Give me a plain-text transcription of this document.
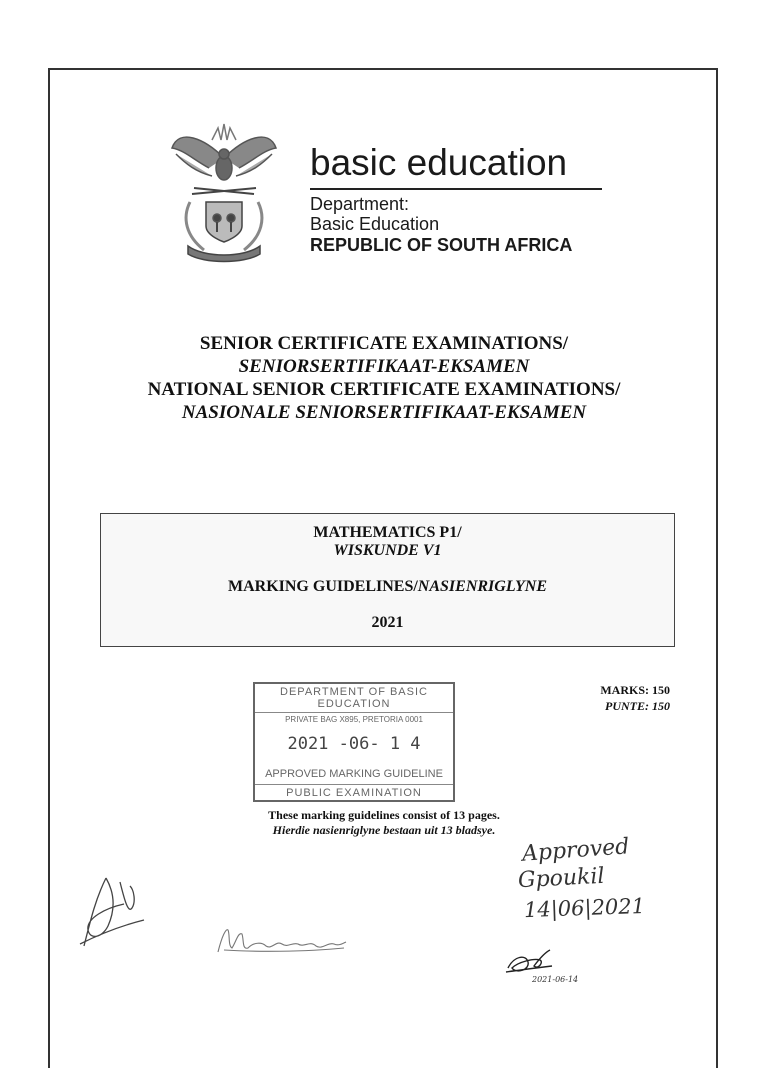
basic education
Department:
Basic Education
REPUBLIC OF SOUTH AFRICA
SENIOR CERTIFICATE EXAMINATIONS/
SENIORSERTIFIKAAT-EKSAMEN
NATIONAL SENIOR CERTIFICATE EXAMINATIONS/
NASIONALE SENIORSERTIFIKAAT-EKSAMEN
MATHEMATICS P1/
WISKUNDE V1
MARKING GUIDELINES/NASIENRIGLYNE
2021
MARKS: 150
PUNTE: 150
DEPARTMENT OF BASIC
EDUCATION
PRIVATE BAG X895, PRETORIA 0001
2021 -06- 1 4
APPROVED MARKING GUIDELINE
PUBLIC EXAMINATION
These marking guidelines consist of 13 pages.
Hierdie nasienriglyne bestaan uit 13 bladsye.
Approved
Gpoukil
14|06|2021
2021-06-14
